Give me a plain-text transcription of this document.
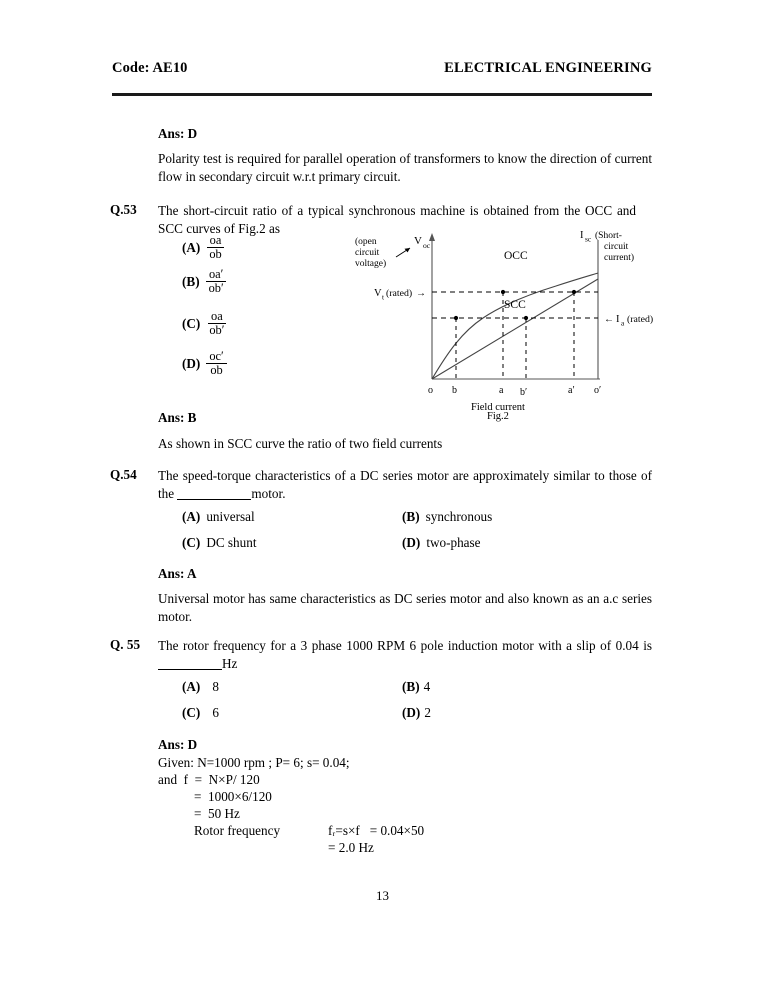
Code: AE10	ELECTRICAL ENGINEERING
Ans: D
Polarity test is required for parallel operation of transformers to know the direction of current flow in secondary circuit w.r.t primary circuit.
Q.53 The short-circuit ratio of a typical synchronous machine is obtained from the OCC and SCC curves of Fig.2 as
$(A) \frac{oa}{ob}$
$(B) \frac{oa'}{ob'}$
$(C) \frac{oa}{ob'}$
$(D) \frac{oc'}{ob}$
(open
circuit
voltage)
V oc
I sc (Short-
circuit
current)
OCC
SCC
V t (rated) →
← I a (rated)
o b	a b′	a′ o′
Field current
Fig.2
Ans: B
As shown in SCC curve the ratio of two field currents
Q.54 The speed-torque characteristics of a DC series motor are approximately similar to those of the	motor.
(A) universal	(B) synchronous
(C) DC shunt	(D) two-phase
Ans: A
Universal motor has same characteristics as DC series motor and also known as an a.c series motor.
Q. 55 The rotor frequency for a 3 phase 1000 RPM 6 pole induction motor with a slip of 0.04 isHz
(A) 8	(B) 4
(C) 6	(D) 2
Ans: D
Given: N=1000 rpm ; P= 6; s= 0.04;
and  f  =  N×P/ 120
=  1000×6/120
=  50 Hz
Rotor frequency	fᵣ=s×f   = 0.04×50
= 2.0 Hz
13
